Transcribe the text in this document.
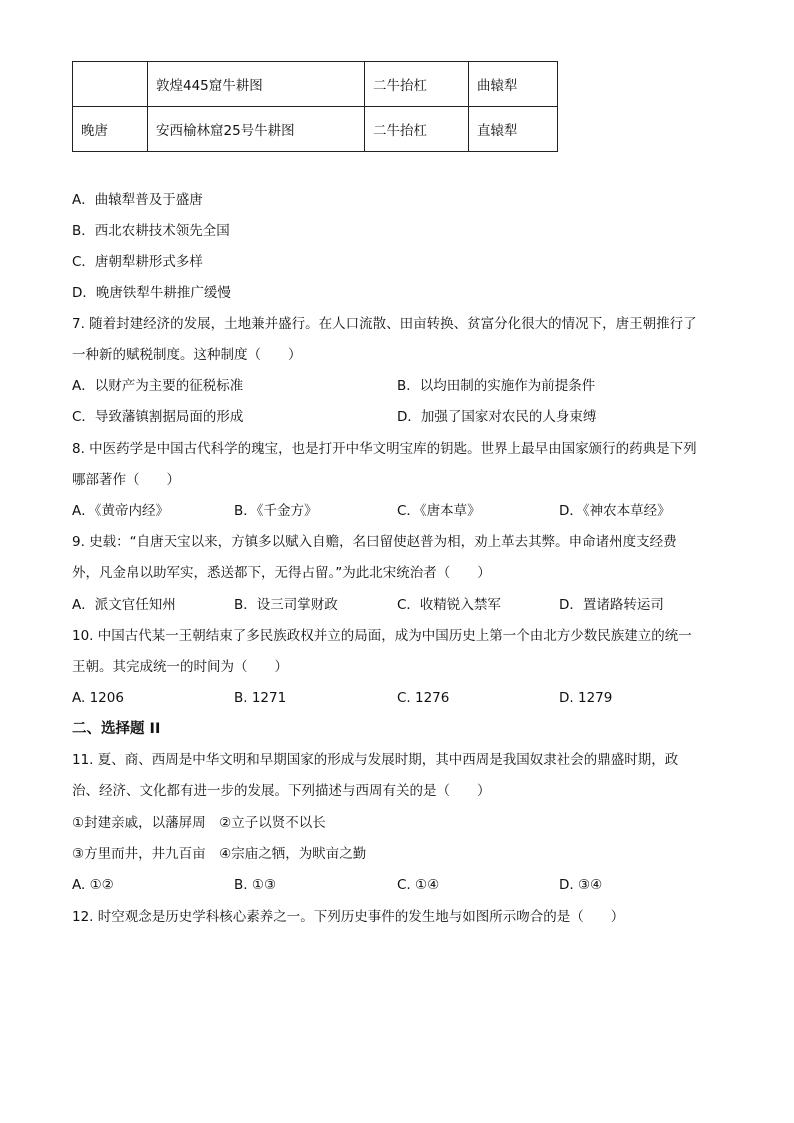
	敦煌445窟牛耕图	二牛抬杠	曲辕犁
晚唐	安西榆林窟25号牛耕图	二牛抬杠	直辕犁
A．曲辕犁普及于盛唐
B．西北农耕技术领先全国
C．唐朝犁耕形式多样
D．晚唐铁犁牛耕推广缓慢
7. 随着封建经济的发展，土地兼并盛行。在人口流散、田亩转换、贫富分化很大的情况下，唐王朝推行了
一种新的赋税制度。这种制度（　　）
A．以财产为主要的征税标准	B．以均田制的实施作为前提条件
C．导致藩镇割据局面的形成	D．加强了国家对农民的人身束缚
8. 中医药学是中国古代科学的瑰宝，也是打开中华文明宝库的钥匙。世界上最早由国家颁行的药典是下列
哪部著作（　　）
A．《黄帝内经》	B．《千金方》	C．《唐本草》	D．《神农本草经》
9. 史载：“自唐天宝以来，方镇多以赋入自赡，名曰留使赵普为相，劝上革去其弊。申命诸州度支经费
外，凡金帛以助军实，悉送都下，无得占留。”为此北宋统治者（　　）
A．派文官任知州	B．设三司掌财政	C．收精锐入禁军	D．置诸路转运司
10. 中国古代某一王朝结束了多民族政权并立的局面，成为中国历史上第一个由北方少数民族建立的统一
王朝。其完成统一的时间为（　　）
A. 1206	B. 1271	C. 1276	D. 1279
二、选择题 II
11. 夏、商、西周是中华文明和早期国家的形成与发展时期，其中西周是我国奴隶社会的鼎盛时期，政
治、经济、文化都有进一步的发展。下列描述与西周有关的是（　　）
①封建亲戚，以藩屏周　②立子以贤不以长
③方里而井，井九百亩　④宗庙之牺，为畎亩之勤
A. ①②	B. ①③	C. ①④	D. ③④
12. 时空观念是历史学科核心素养之一。下列历史事件的发生地与如图所示吻合的是（　　）
